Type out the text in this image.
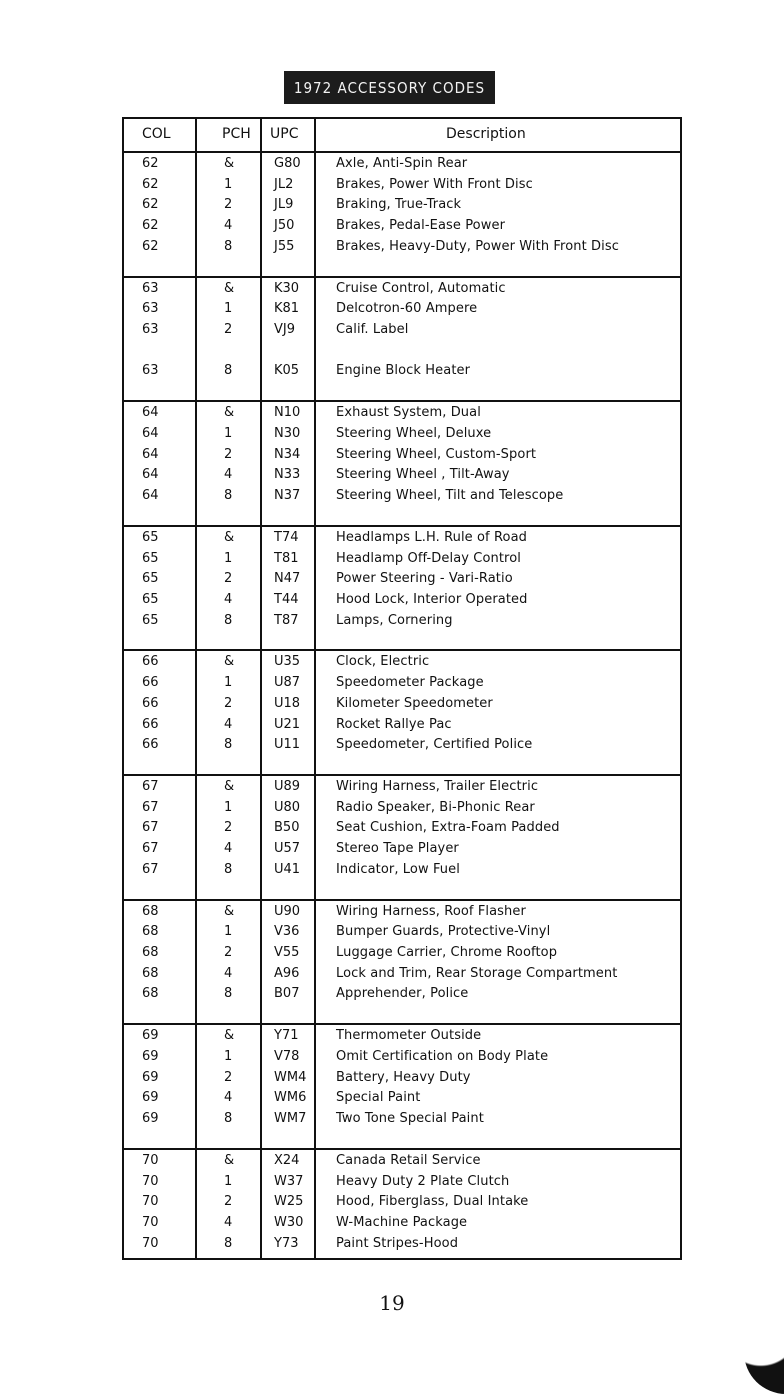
1972 ACCESSORY CODES
COL	PCH UPC	Description
62	&	G80	Axle, Anti-Spin Rear
62	1	JL2	Brakes, Power With Front Disc
62	2	JL9	Braking, True-Track
62	4	J50	Brakes, Pedal-Ease Power
62	8	J55	Brakes, Heavy-Duty, Power With Front Disc
63	&	K30	Cruise Control, Automatic
63	1	K81	Delcotron-60 Ampere
63	2	VJ9	Calif. Label
63	8	K05	Engine Block Heater
64	&	N10	Exhaust System, Dual
64	1	N30	Steering Wheel, Deluxe
64	2	N34	Steering Wheel, Custom-Sport
64	4	N33	Steering Wheel , Tilt-Away
64	8	N37	Steering Wheel, Tilt and Telescope
65	&	T74	Headlamps L.H. Rule of Road
65	1	T81	Headlamp Off-Delay Control
65	2	N47	Power Steering - Vari-Ratio
65	4	T44	Hood Lock, Interior Operated
65	8	T87	Lamps, Cornering
66	&	U35	Clock, Electric
66	1	U87	Speedometer Package
66	2	U18	Kilometer Speedometer
66	4	U21	Rocket Rallye Pac
66	8	U11	Speedometer, Certified Police
67	&	U89	Wiring Harness, Trailer Electric
67	1	U80	Radio Speaker, Bi-Phonic Rear
67	2	B50	Seat Cushion, Extra-Foam Padded
67	4	U57	Stereo Tape Player
67	8	U41	Indicator, Low Fuel
68	&	U90	Wiring Harness, Roof Flasher
68	1	V36	Bumper Guards, Protective-Vinyl
68	2	V55	Luggage Carrier, Chrome Rooftop
68	4	A96	Lock and Trim, Rear Storage Compartment
68	8	B07	Apprehender, Police
69	&	Y71	Thermometer Outside
69	1	V78	Omit Certification on Body Plate
69	2	WM4 Battery, Heavy Duty
69	4	WM6 Special Paint
69	8	WM7 Two Tone Special Paint
70	&	X24	Canada Retail Service
70	1	W37	Heavy Duty 2 Plate Clutch
70	2	W25	Hood, Fiberglass, Dual Intake
70	4	W30	W-Machine Package
70	8	Y73	Paint Stripes-Hood
19
